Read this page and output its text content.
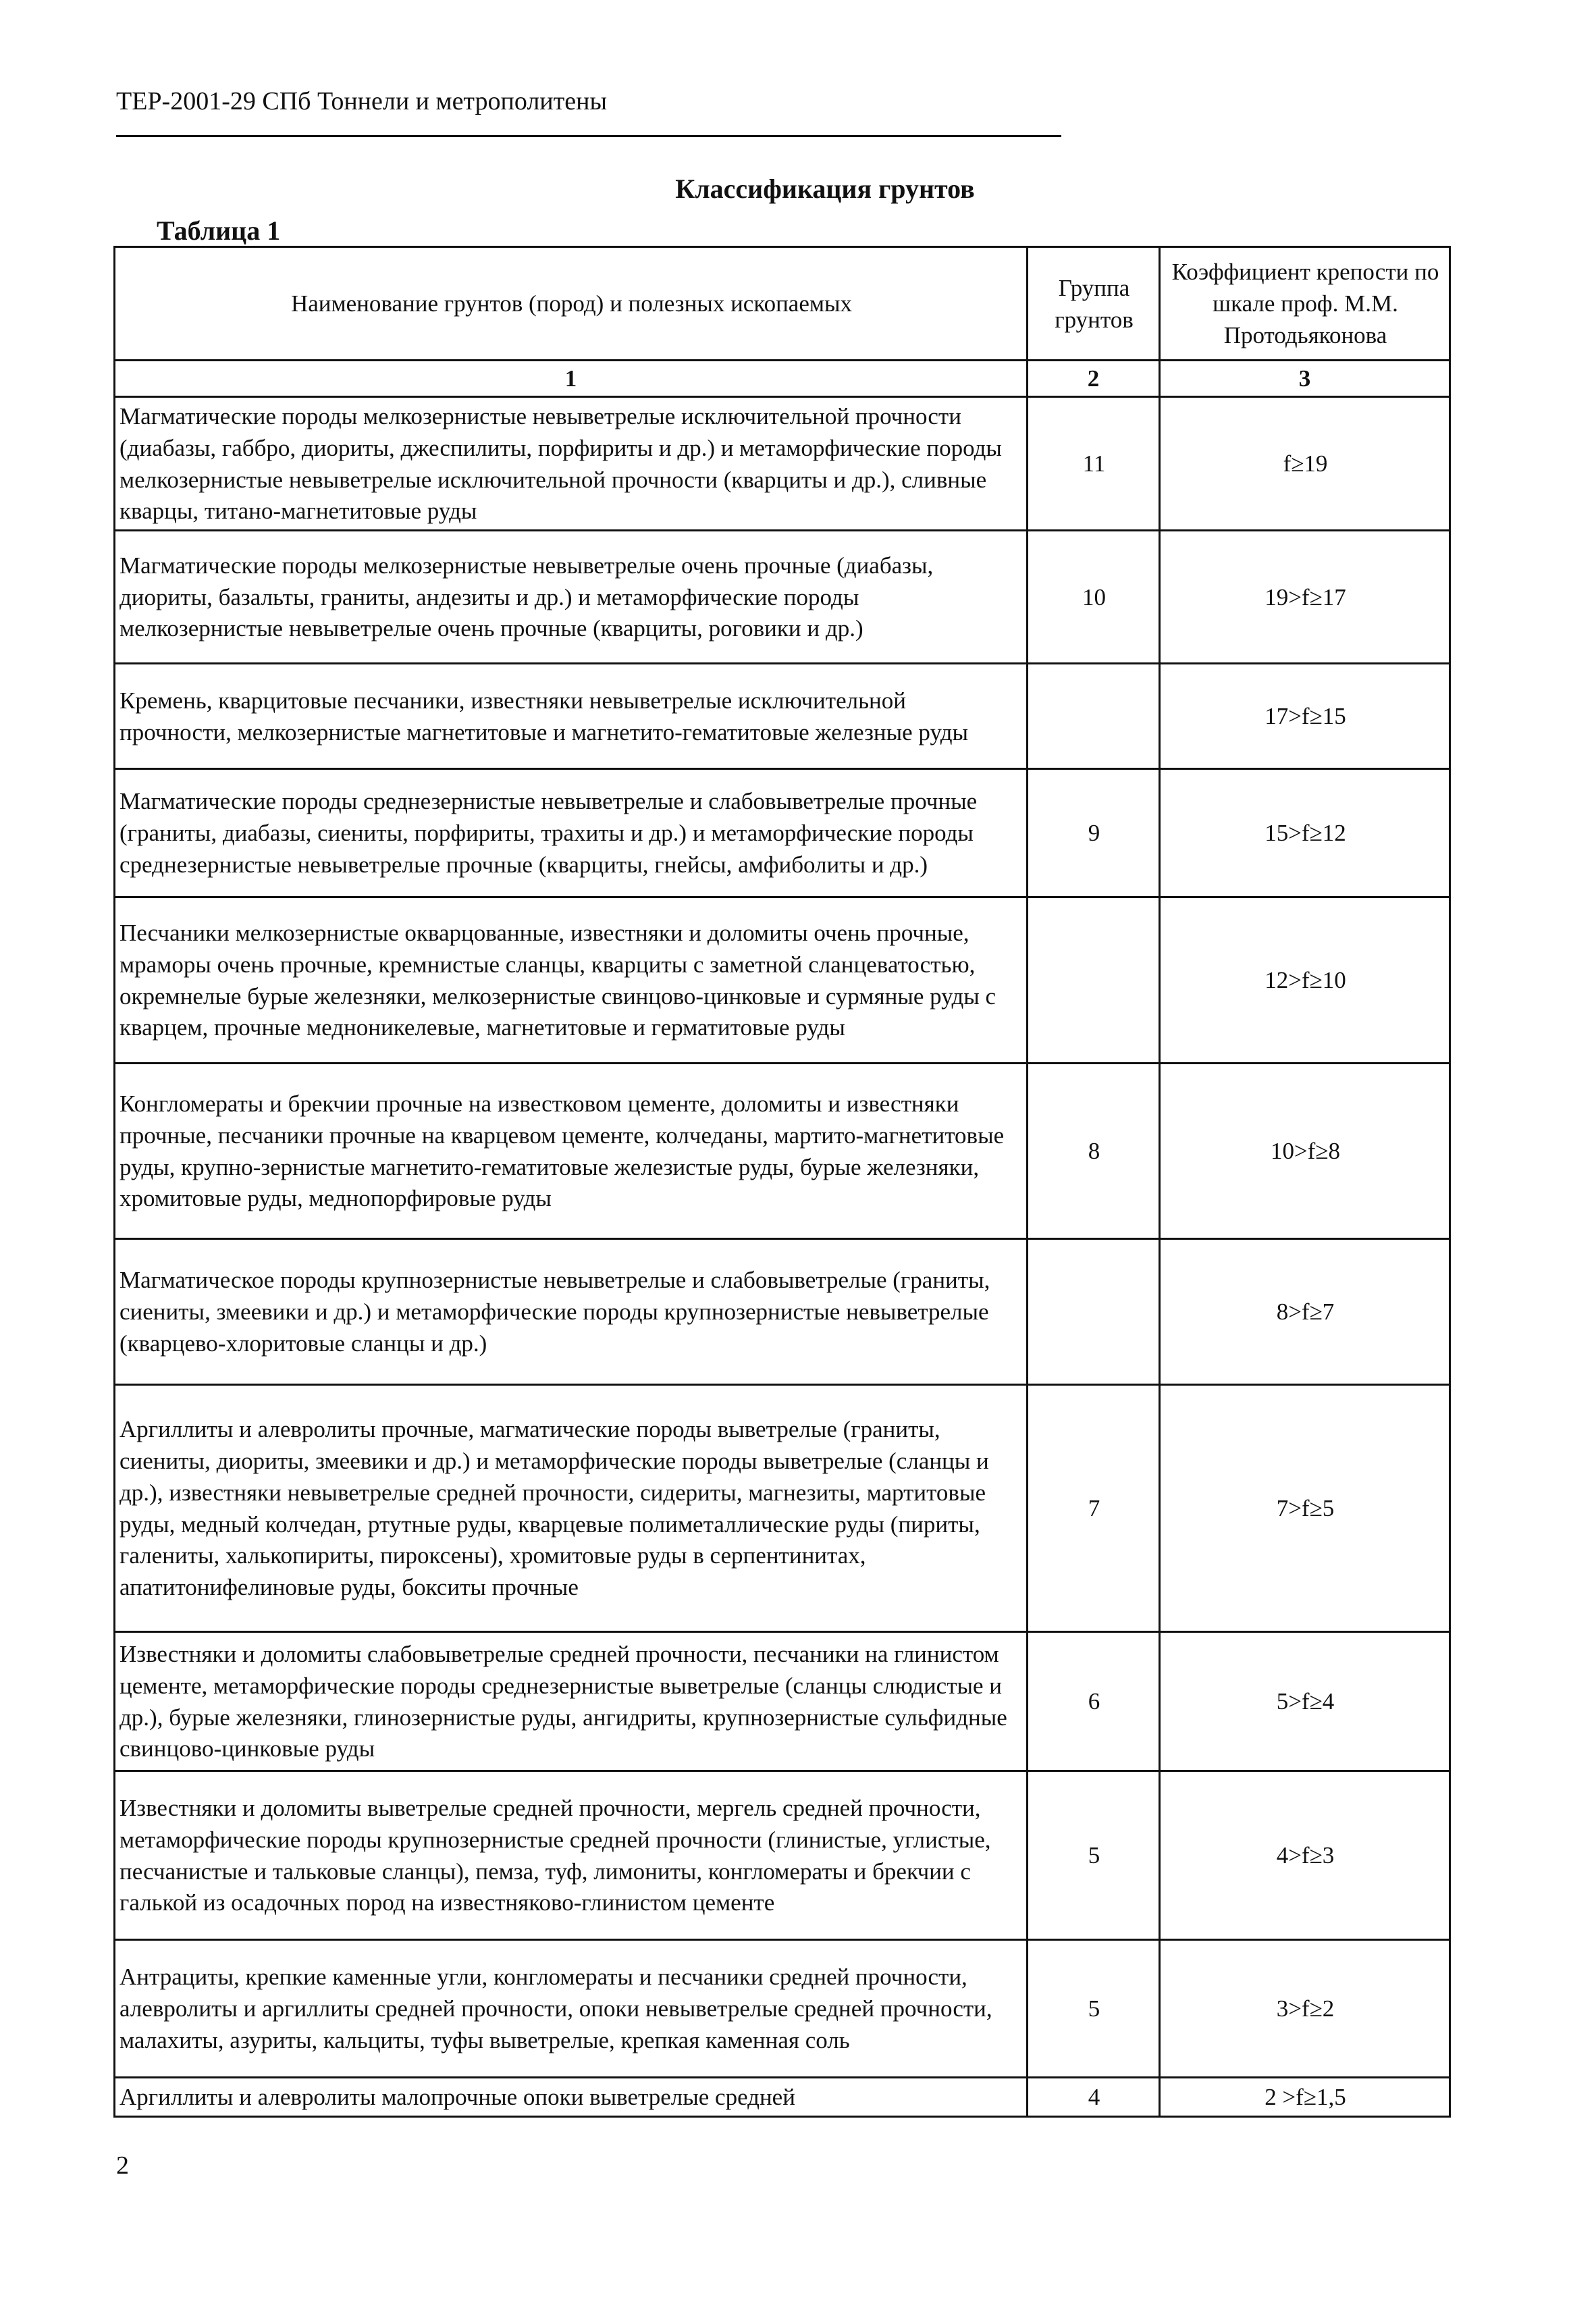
ТЕР-2001-29 СПб Тоннели и метрополитены
Классификация грунтов
Таблица 1
Наименование грунтов (пород) и полезных ископаемых	Группа грунтов	Коэффициент крепости по шкале проф. М.М. Протодьяконова
1	2	3
Магматические породы мелкозернистые невыветрелые исключительной прочности (диабазы, габбро, диориты, джеспилиты, порфириты и др.) и метаморфические породы мелкозернистые невыветрелые исключительной прочности (кварциты и др.), сливные кварцы, титано-магнетитовые руды	11	f≥19
Магматические породы мелкозернистые невыветрелые очень прочные (диабазы, диориты, базальты, граниты, андезиты и др.) и метаморфические породы мелкозернистые невыветрелые очень прочные (кварциты, роговики и др.)	10	19>f≥17
Кремень, кварцитовые песчаники, известняки невыветрелые исключительной прочности, мелкозернистые магнетитовые и магнетито-гематитовые железные руды		17>f≥15
Магматические породы среднезернистые невыветрелые и слабовыветрелые прочные (граниты, диабазы, сиениты, порфириты, трахиты и др.) и метаморфические породы среднезернистые невыветрелые прочные (кварциты, гнейсы, амфиболиты и др.)	9	15>f≥12
Песчаники мелкозернистые окварцованные, известняки и доломиты очень прочные, мраморы очень прочные, кремнистые сланцы, кварциты с заметной сланцеватостью, окремнелые бурые железняки, мелкозернистые свинцово-цинковые и сурмяные руды с кварцем, прочные медноникелевые, магнетитовые и герматитовые руды		12>f≥10
Конгломераты и брекчии прочные на известковом цементе, доломиты и известняки прочные, песчаники прочные на кварцевом цементе, колчеданы, мартито-магнетитовые руды, крупно-зернистые магнетито-гематитовые железистые руды, бурые железняки, хромитовые руды, меднопорфировые руды	8	10>f≥8
Магматическое породы крупнозернистые невыветрелые и слабовыветрелые (граниты, сиениты, змеевики и др.) и метаморфические породы крупнозернистые невыветрелые (кварцево-хлоритовые сланцы и др.)		8>f≥7
Аргиллиты и алевролиты прочные, магматические породы выветрелые (граниты, сиениты, диориты, змеевики и др.) и метаморфические породы выветрелые (сланцы и др.), известняки невыветрелые средней прочности, сидериты, магнезиты, мартитовые руды, медный колчедан, ртутные руды, кварцевые полиметаллические руды (пириты, галениты, халькопириты, пироксены), хромитовые руды в серпентинитах, апатитонифелиновые руды, бокситы прочные	7	7>f≥5
Известняки и доломиты слабовыветрелые средней прочности, песчаники на глинистом цементе, метаморфические породы среднезернистые выветрелые (сланцы слюдистые и др.), бурые железняки, глинозернистые руды, ангидриты, крупнозернистые сульфидные свинцово-цинковые руды	6	5>f≥4
Известняки и доломиты выветрелые средней прочности, мергель средней прочности, метаморфические породы крупнозернистые средней прочности (глинистые, углистые, песчанистые и тальковые сланцы), пемза, туф, лимониты, конгломераты и брекчии с галькой из осадочных пород на известняково-глинистом цементе	5	4>f≥3
Антрациты, крепкие каменные угли, конгломераты и песчаники средней прочности, алевролиты и аргиллиты средней прочности, опоки невыветрелые средней прочности, малахиты, азуриты, кальциты, туфы выветрелые, крепкая каменная соль	5	3>f≥2
Аргиллиты и алевролиты малопрочные опоки выветрелые средней	4	2 >f≥1,5
2
